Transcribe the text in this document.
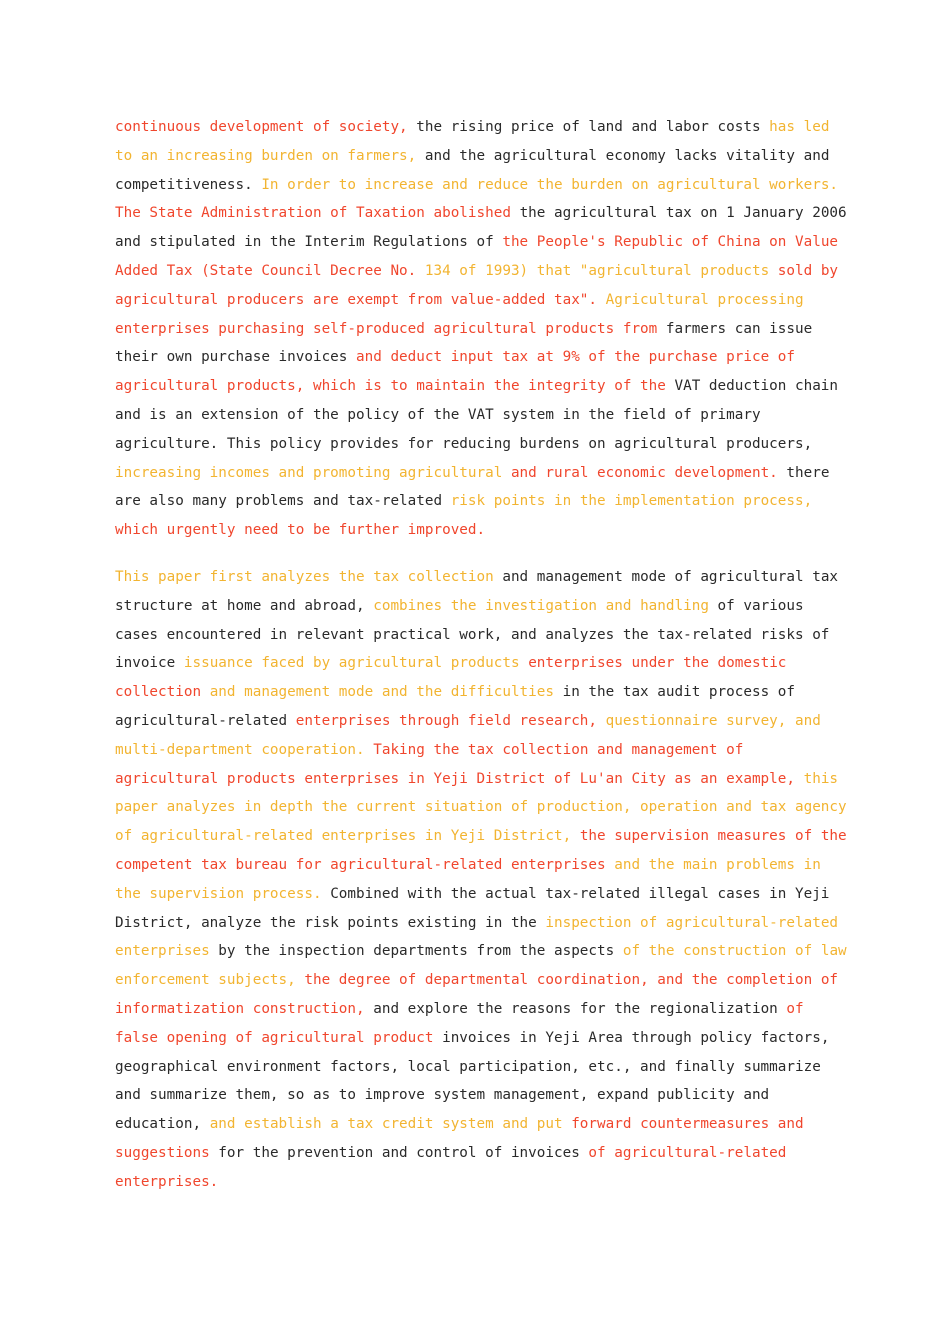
continuous development of society, the rising price of land and labor costs has led
to an increasing burden on farmers, and the agricultural economy lacks vitality and
competitiveness. In order to increase and reduce the burden on agricultural workers.
The State Administration of Taxation abolished the agricultural tax on 1 January 2006
and stipulated in the Interim Regulations of the People's Republic of China on Value
Added Tax (State Council Decree No. 134 of 1993) that "agricultural products sold by
agricultural producers are exempt from value-added tax". Agricultural processing
enterprises purchasing self-produced agricultural products from farmers can issue
their own purchase invoices and deduct input tax at 9% of the purchase price of
agricultural products, which is to maintain the integrity of the VAT deduction chain
and is an extension of the policy of the VAT system in the field of primary
agriculture. This policy provides for reducing burdens on agricultural producers,
increasing incomes and promoting agricultural and rural economic development. there
are also many problems and tax-related risk points in the implementation process,
which urgently need to be further improved.
This paper first analyzes the tax collection and management mode of agricultural tax
structure at home and abroad, combines the investigation and handling of various
cases encountered in relevant practical work, and analyzes the tax-related risks of
invoice issuance faced by agricultural products enterprises under the domestic
collection and management mode and the difficulties in the tax audit process of
agricultural-related enterprises through field research, questionnaire survey, and
multi-department cooperation. Taking the tax collection and management of
agricultural products enterprises in Yeji District of Lu'an City as an example, this
paper analyzes in depth the current situation of production, operation and tax agency
of agricultural-related enterprises in Yeji District, the supervision measures of the
competent tax bureau for agricultural-related enterprises and the main problems in
the supervision process. Combined with the actual tax-related illegal cases in Yeji
District, analyze the risk points existing in the inspection of agricultural-related
enterprises by the inspection departments from the aspects of the construction of law
enforcement subjects, the degree of departmental coordination, and the completion of
informatization construction, and explore the reasons for the regionalization of
false opening of agricultural product invoices in Yeji Area through policy factors,
geographical environment factors, local participation, etc., and finally summarize
and summarize them, so as to improve system management, expand publicity and
education, and establish a tax credit system and put forward countermeasures and
suggestions for the prevention and control of invoices of agricultural-related
enterprises.
